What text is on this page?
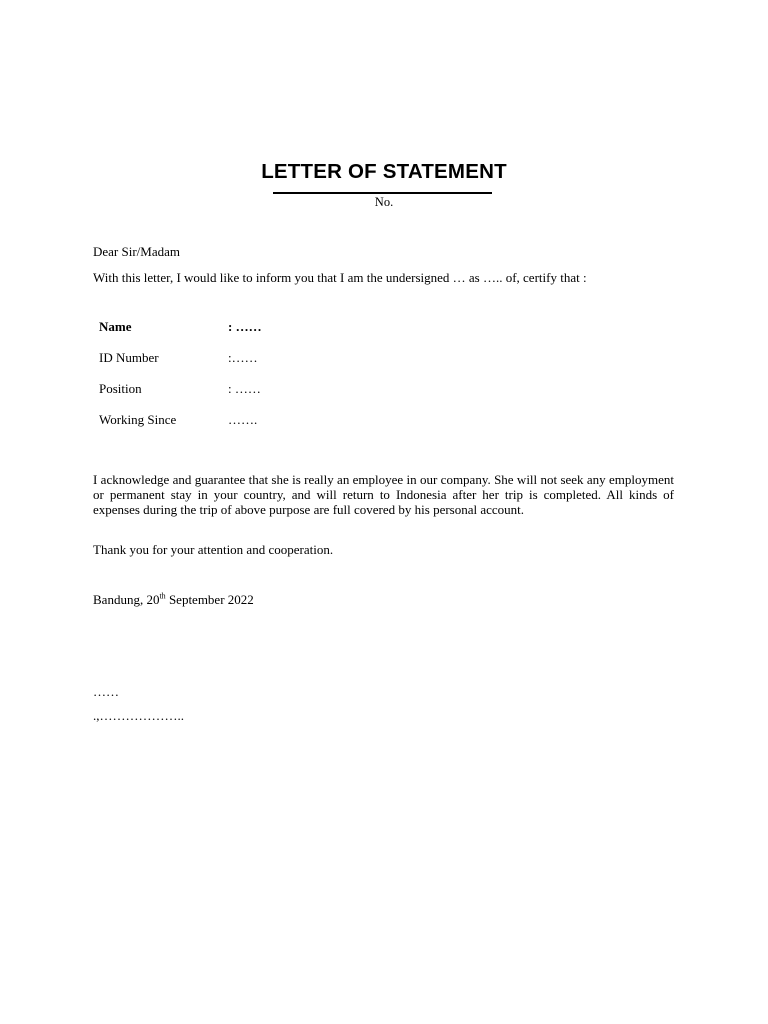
LETTER OF STATEMENT
No.
Dear Sir/Madam
With this letter, I would like to inform you that I am the undersigned … as ….. of, certify that :
Name	: ……
ID Number	:……
Position	: ……
Working Since	…….
I acknowledge and guarantee that she is really an employee in our company. She will not seek any employment or permanent stay in your country, and will return to Indonesia after her trip is completed. All kinds of expenses during the trip of above purpose are full covered by his personal account.
Thank you for your attention and cooperation.
Bandung, 20th September 2022
……
.,………………..
